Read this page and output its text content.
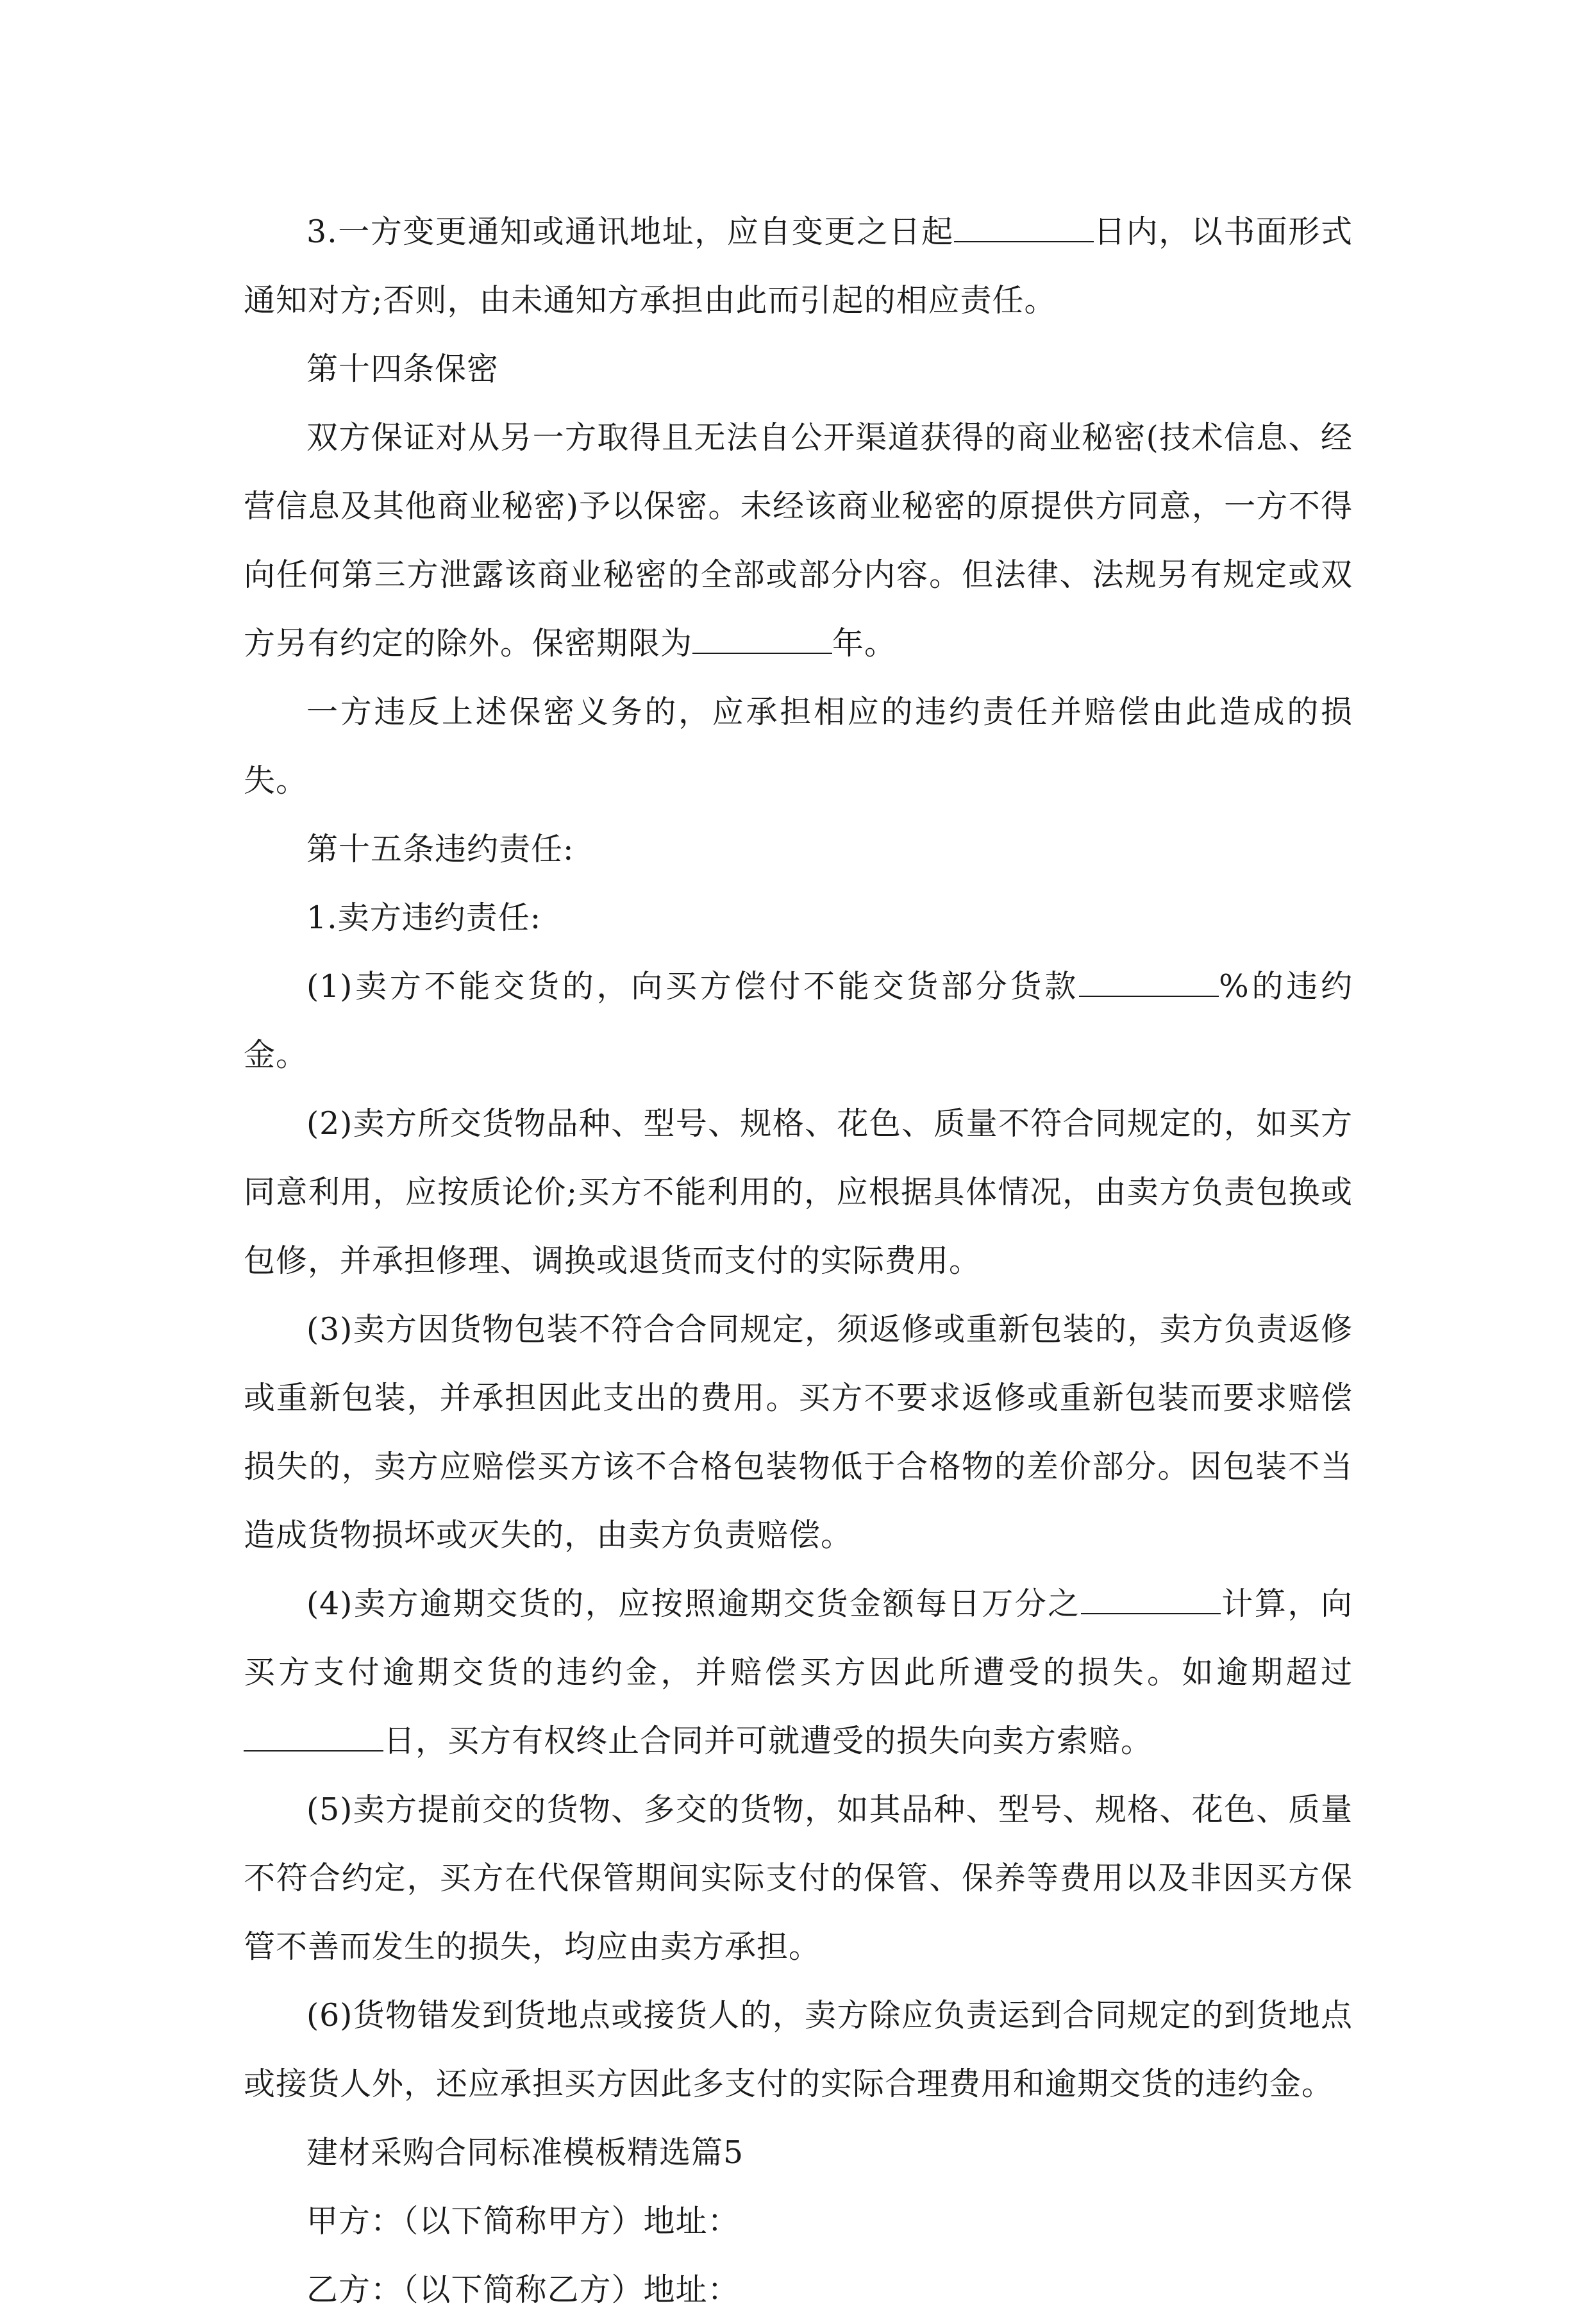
3.一方变更通知或通讯地址，应自变更之日起	日内，以书面形式通知对方;否则，由未通知方承担由此而引起的相应责任。

第十四条保密

双方保证对从另一方取得且无法自公开渠道获得的商业秘密(技术信息、经营信息及其他商业秘密)予以保密。未经该商业秘密的原提供方同意，一方不得向任何第三方泄露该商业秘密的全部或部分内容。但法律、法规另有规定或双方另有约定的除外。保密期限为	年。

一方违反上述保密义务的，应承担相应的违约责任并赔偿由此造成的损失。

第十五条违约责任:

1.卖方违约责任:

(1)卖方不能交货的，向买方偿付不能交货部分货款	%的违约金。

(2)卖方所交货物品种、型号、规格、花色、质量不符合同规定的，如买方同意利用，应按质论价;买方不能利用的，应根据具体情况，由卖方负责包换或包修，并承担修理、调换或退货而支付的实际费用。

(3)卖方因货物包装不符合合同规定，须返修或重新包装的，卖方负责返修或重新包装，并承担因此支出的费用。买方不要求返修或重新包装而要求赔偿损失的，卖方应赔偿买方该不合格包装物低于合格物的差价部分。因包装不当造成货物损坏或灭失的，由卖方负责赔偿。

(4)卖方逾期交货的，应按照逾期交货金额每日万分之	计算，向买方支付逾期交货的违约金，并赔偿买方因此所遭受的损失。如逾期超过日，买方有权终止合同并可就遭受的损失向卖方索赔。

(5)卖方提前交的货物、多交的货物，如其品种、型号、规格、花色、质量不符合约定，买方在代保管期间实际支付的保管、保养等费用以及非因买方保管不善而发生的损失，均应由卖方承担。

(6)货物错发到货地点或接货人的，卖方除应负责运到合同规定的到货地点或接货人外，还应承担买方因此多支付的实际合理费用和逾期交货的违约金。

建材采购合同标准模板精选篇5

甲方：（以下简称甲方）地址：

乙方：（以下简称乙方）地址：
